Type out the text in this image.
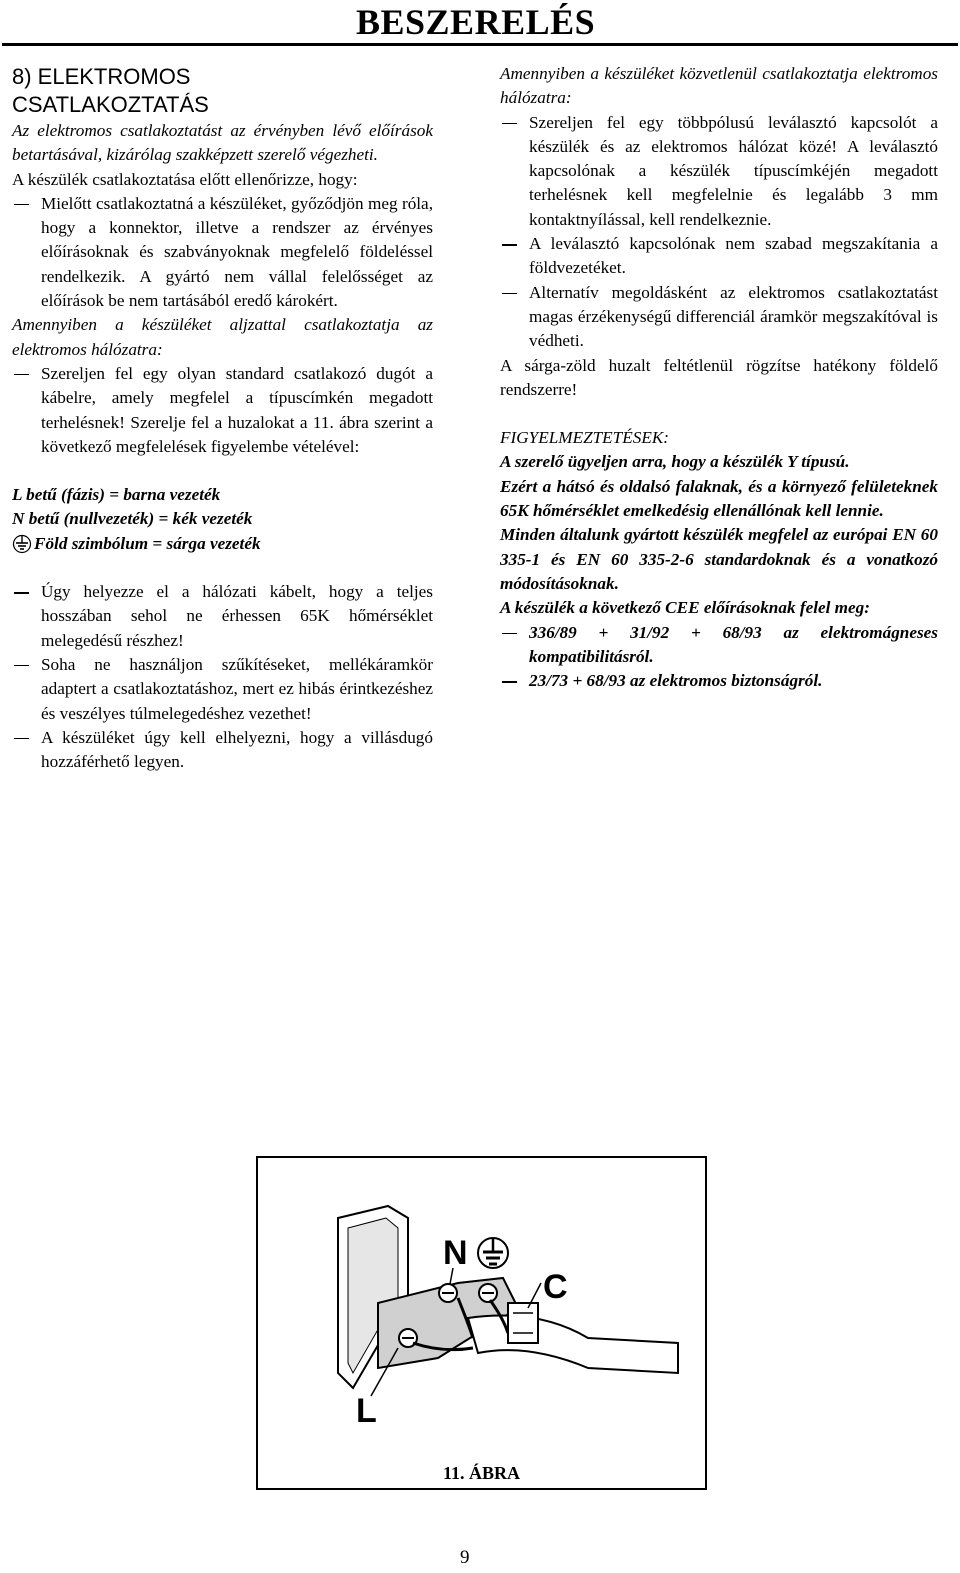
BESZERELÉS

8) ELEKTROMOS CSATLAKOZTATÁS

Az elektromos csatlakoztatást az érvényben lévő előírások betartásával, kizárólag szakképzett szerelő végezheti.

A készülék csatlakoztatása előtt ellenőrizze, hogy:

Mielőtt csatlakoztatná a készüléket, győződjön meg róla, hogy a konnektor, illetve a rendszer az érvényes előírásoknak és szabványoknak megfelelő földeléssel rendelkezik. A gyártó nem vállal felelősséget az előírások be nem tartásából eredő károkért.

Amennyiben a készüléket aljzattal csatlakoztatja az elektromos hálózatra:

Szereljen fel egy olyan standard csatlakozó dugót a kábelre, amely megfelel a típuscímkén megadott terhelésnek! Szerelje fel a huzalokat a 11. ábra szerint a következő megfelelések figyelembe vételével:

L betű (fázis) = barna vezeték

N betű (nullvezeték) = kék vezeték

Föld szimbólum = sárga vezeték
Úgy helyezze el a hálózati kábelt, hogy a teljes hosszában sehol ne érhessen 65K hőmérséklet melegedésű részhez!
Soha ne használjon szűkítéseket, mellékáramkör adaptert a csatlakoztatáshoz, mert ez hibás érintkezéshez és veszélyes túlmelegedéshez vezethet!
A készüléket úgy kell elhelyezni, hogy a villásdugó hozzáférhető legyen.

Amennyiben a készüléket közvetlenül csatlakoztatja elektromos hálózatra:

Szereljen fel egy többpólusú leválasztó kapcsolót a készülék és az elektromos hálózat közé! A leválasztó kapcsolónak a készülék típuscímkéjén megadott terhelésnek kell megfelelnie és legalább 3 mm kontaktnyílással, kell rendelkeznie.
A leválasztó kapcsolónak nem szabad megszakítania a földvezetéket.
Alternatív megoldásként az elektromos csatlakoztatást magas érzékenységű differenciál áramkör megszakítóval is védheti.

A sárga-zöld huzalt feltétlenül rögzítse hatékony földelő rendszerre!

FIGYELMEZTETÉSEK:

A szerelő ügyeljen arra, hogy a készülék Y típusú.

Ezért a hátsó és oldalsó falaknak, és a környező felületeknek 65K hőmérséklet emelkedésig ellenállónak kell lennie.

Minden általunk gyártott készülék megfelel az európai EN 60 335-1 és EN 60 335-2-6 standardoknak és a vonatkozó módosításoknak.

A készülék a következő CEE előírásoknak felel meg:

336/89 + 31/92 + 68/93 az elektromágneses kompatibilitásról.
23/73 + 68/93 az elektromos biztonságról.
N
C
L
11. ÁBRA
9
